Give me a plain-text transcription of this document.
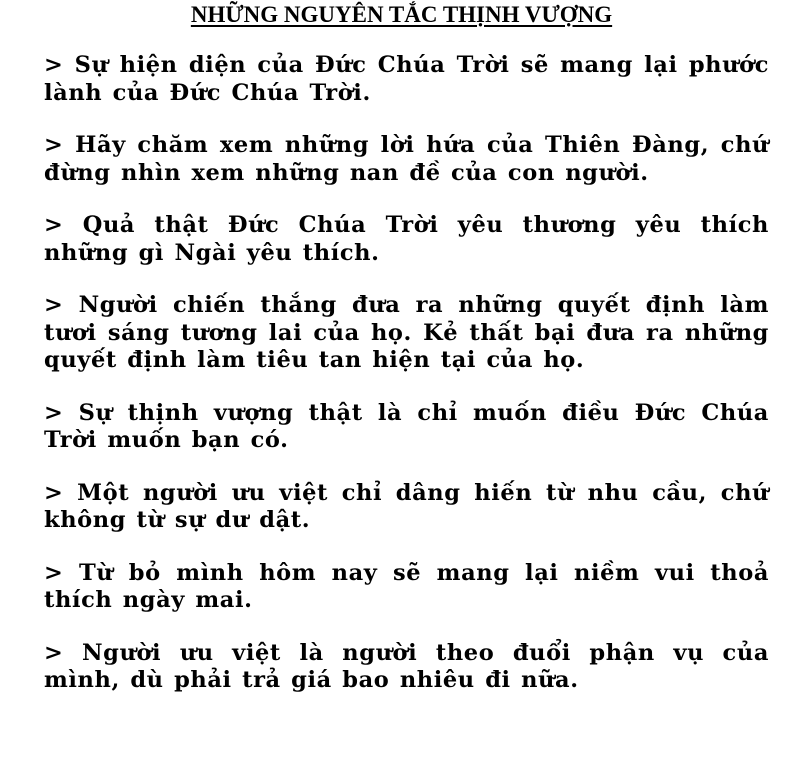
NHỮNG NGUYÊN TẮC THỊNH VƯỢNG
> Sự hiện diện của Đức Chúa Trời sẽ mang lại phước lành của Đức Chúa Trời.
> Hãy chăm xem những lời hứa của Thiên Đàng, chứ đừng nhìn xem những nan đề của con người.
> Quả thật Đức Chúa Trời yêu thương yêu thích những gì Ngài yêu thích.
> Người chiến thắng đưa ra những quyết định làm tươi sáng tương lai của họ. Kẻ thất bại đưa ra những quyết định làm tiêu tan hiện tại của họ.
> Sự thịnh vượng thật là chỉ muốn điều Đức Chúa Trời muốn bạn có.
> Một người ưu việt chỉ dâng hiến từ nhu cầu, chứ không từ sự dư dật.
> Từ bỏ mình hôm nay sẽ mang lại niềm vui thoả thích ngày mai.
> Người ưu việt là người theo đuổi phận vụ của mình, dù phải trả giá bao nhiêu đi nữa.
